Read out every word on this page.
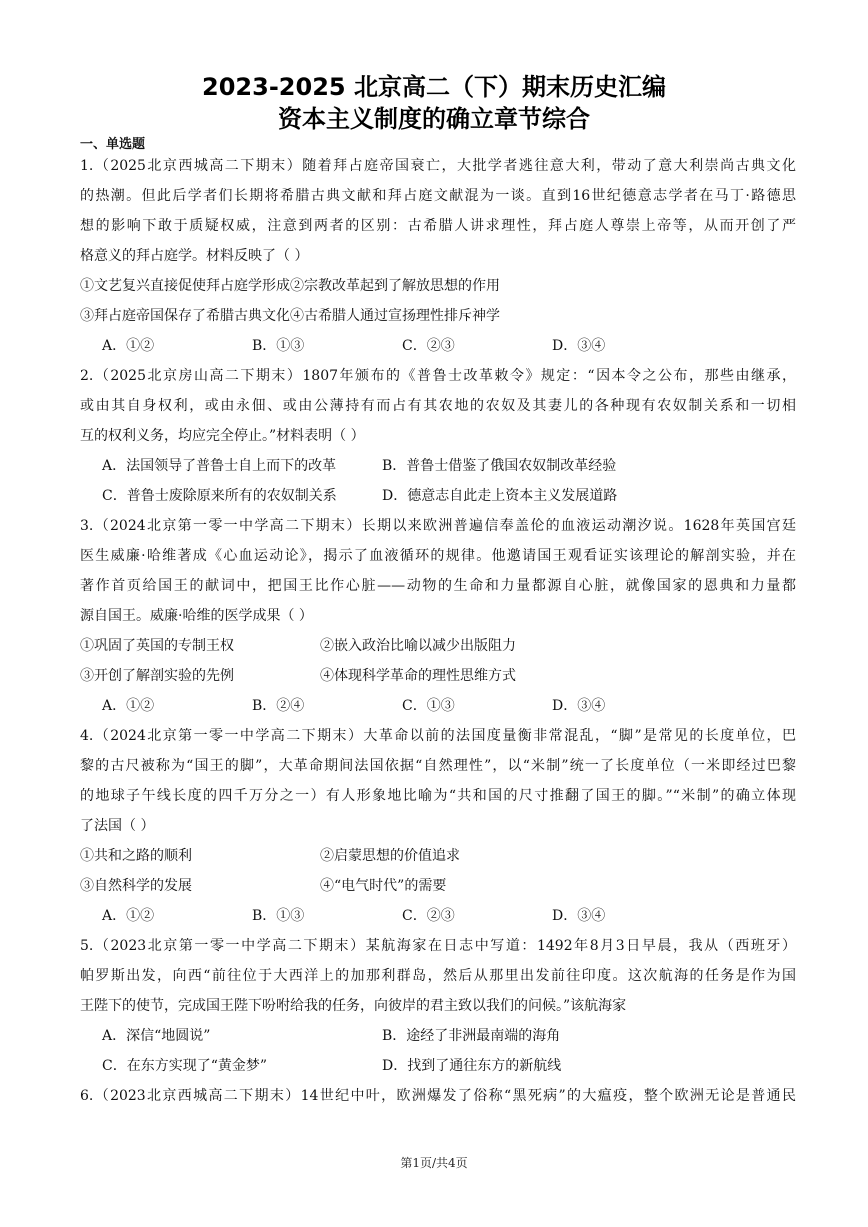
2023-2025 北京高二（下）期末历史汇编
资本主义制度的确立章节综合
一、单选题
1.（2025北京西城高二下期末）随着拜占庭帝国衰亡，大批学者逃往意大利，带动了意大利崇尚古典文化
的热潮。但此后学者们长期将希腊古典文献和拜占庭文献混为一谈。直到16世纪德意志学者在马丁·路德思
想的影响下敢于质疑权威，注意到两者的区别：古希腊人讲求理性，拜占庭人尊崇上帝等，从而开创了严
格意义的拜占庭学。材料反映了（ ）
①文艺复兴直接促使拜占庭学形成②宗教改革起到了解放思想的作用
③拜占庭帝国保存了希腊古典文化④古希腊人通过宣扬理性排斥神学
A．①②	B．①③	C．②③	D．③④
2.（2025北京房山高二下期末）1807年颁布的《普鲁士改革敕令》规定：“因本令之公布，那些由继承，
或由其自身权利，或由永佃、或由公薄持有而占有其农地的农奴及其妻儿的各种现有农奴制关系和一切相
互的权利义务，均应完全停止。”材料表明（ ）
A．法国领导了普鲁士自上而下的改革	B．普鲁士借鉴了俄国农奴制改革经验
C．普鲁士废除原来所有的农奴制关系	D．德意志自此走上资本主义发展道路
3.（2024北京第一零一中学高二下期末）长期以来欧洲普遍信奉盖伦的血液运动潮汐说。1628年英国宫廷
医生威廉·哈维著成《心血运动论》，揭示了血液循环的规律。他邀请国王观看证实该理论的解剖实验，并在
著作首页给国王的献词中，把国王比作心脏——动物的生命和力量都源自心脏，就像国家的恩典和力量都
源自国王。威廉·哈维的医学成果（ ）
①巩固了英国的专制王权	②嵌入政治比喻以减少出版阻力
③开创了解剖实验的先例	④体现科学革命的理性思维方式
A．①②	B．②④	C．①③	D．③④
4.（2024北京第一零一中学高二下期末）大革命以前的法国度量衡非常混乱，“脚”是常见的长度单位，巴
黎的古尺被称为“国王的脚”，大革命期间法国依据“自然理性”，以“米制”统一了长度单位（一米即经过巴黎
的地球子午线长度的四千万分之一）有人形象地比喻为“共和国的尺寸推翻了国王的脚。”“米制”的确立体现
了法国（ ）
①共和之路的顺利	②启蒙思想的价值追求
③自然科学的发展	④“电气时代”的需要
A．①②	B．①③	C．②③	D．③④
5.（2023北京第一零一中学高二下期末）某航海家在日志中写道：1492年8月3日早晨，我从（西班牙）
帕罗斯出发，向西“前往位于大西洋上的加那利群岛，然后从那里出发前往印度。这次航海的任务是作为国
王陛下的使节，完成国王陛下吩咐给我的任务，向彼岸的君主致以我们的问候。”该航海家
A．深信“地圆说”	B．途经了非洲最南端的海角
C．在东方实现了“黄金梦”	D．找到了通往东方的新航线
6.（2023北京西城高二下期末）14世纪中叶，欧洲爆发了俗称“黑死病”的大瘟疫，整个欧洲无论是普通民
第1页/共4页
